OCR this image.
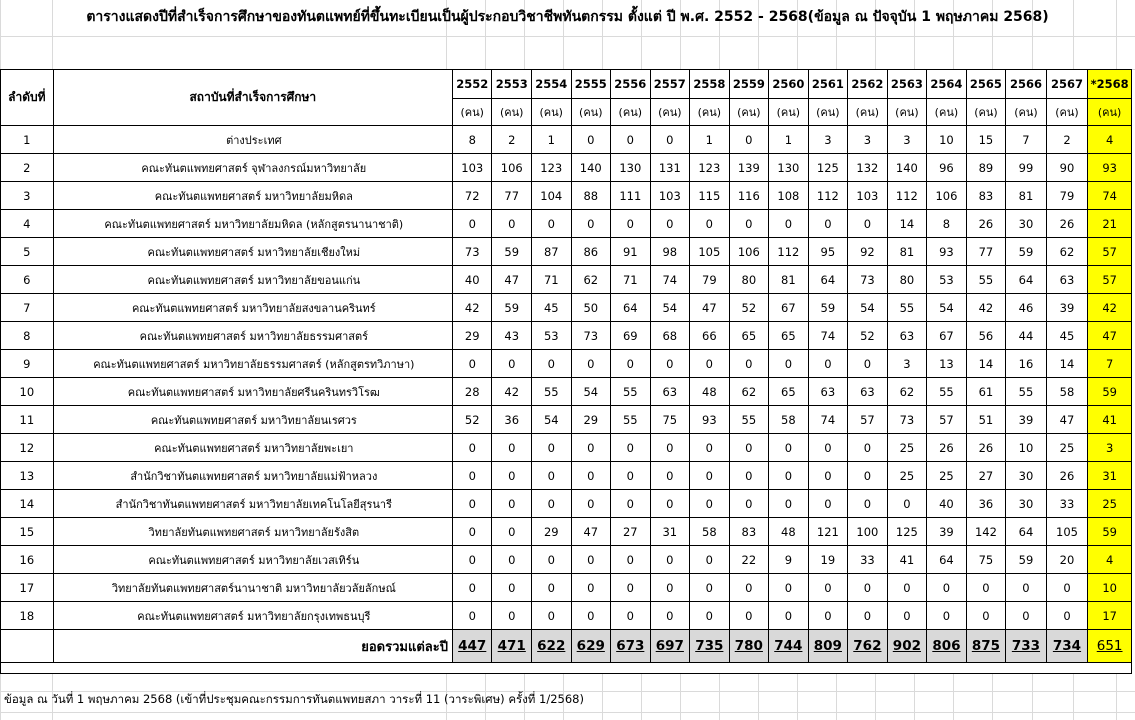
ตารางแสดงปีที่สำเร็จการศึกษาของทันตแพทย์ที่ขึ้นทะเบียนเป็นผู้ประกอบวิชาชีพทันตกรรม ตั้งแต่ ปี พ.ศ. 2552 - 2568(ข้อมูล ณ ปัจจุบัน 1 พฤษภาคม 2568)
ลำดับที่	สถาบันที่สำเร็จการศึกษา	2552	2553	2554	2555	2556	2557	2558	2559	2560	2561	2562	2563	2564	2565	2566	2567	*2568
		(คน)	(คน)	(คน)	(คน)	(คน)	(คน)	(คน)	(คน)	(คน)	(คน)	(คน)	(คน)	(คน)	(คน)	(คน)	(คน)	(คน)
1	ต่างประเทศ	8	2	1	0	0	0	1	0	1	3	3	3	10	15	7	2	4
2	คณะทันตแพทยศาสตร์ จุฬาลงกรณ์มหาวิทยาลัย	103	106	123	140	130	131	123	139	130	125	132	140	96	89	99	90	93
3	คณะทันตแพทยศาสตร์ มหาวิทยาลัยมหิดล	72	77	104	88	111	103	115	116	108	112	103	112	106	83	81	79	74
4	คณะทันตแพทยศาสตร์ มหาวิทยาลัยมหิดล (หลักสูตรนานาชาติ)	0	0	0	0	0	0	0	0	0	0	0	14	8	26	30	26	21
5	คณะทันตแพทยศาสตร์ มหาวิทยาลัยเชียงใหม่	73	59	87	86	91	98	105	106	112	95	92	81	93	77	59	62	57
6	คณะทันตแพทยศาสตร์ มหาวิทยาลัยขอนแก่น	40	47	71	62	71	74	79	80	81	64	73	80	53	55	64	63	57
7	คณะทันตแพทยศาสตร์ มหาวิทยาลัยสงขลานครินทร์	42	59	45	50	64	54	47	52	67	59	54	55	54	42	46	39	42
8	คณะทันตแพทยศาสตร์ มหาวิทยาลัยธรรมศาสตร์	29	43	53	73	69	68	66	65	65	74	52	63	67	56	44	45	47
9	คณะทันตแพทยศาสตร์ มหาวิทยาลัยธรรมศาสตร์ (หลักสูตรทวิภาษา)	0	0	0	0	0	0	0	0	0	0	0	3	13	14	16	14	7
10	คณะทันตแพทยศาสตร์ มหาวิทยาลัยศรีนครินทรวิโรฒ	28	42	55	54	55	63	48	62	65	63	63	62	55	61	55	58	59
11	คณะทันตแพทยศาสตร์ มหาวิทยาลัยนเรศวร	52	36	54	29	55	75	93	55	58	74	57	73	57	51	39	47	41
12	คณะทันตแพทยศาสตร์ มหาวิทยาลัยพะเยา	0	0	0	0	0	0	0	0	0	0	0	25	26	26	10	25	3
13	สำนักวิชาทันตแพทยศาสตร์ มหาวิทยาลัยแม่ฟ้าหลวง	0	0	0	0	0	0	0	0	0	0	0	25	25	27	30	26	31
14	สำนักวิชาทันตแพทยศาสตร์ มหาวิทยาลัยเทคโนโลยีสุรนารี	0	0	0	0	0	0	0	0	0	0	0	0	40	36	30	33	25
15	วิทยาลัยทันตแพทยศาสตร์ มหาวิทยาลัยรังสิต	0	0	29	47	27	31	58	83	48	121	100	125	39	142	64	105	59
16	คณะทันตแพทยศาสตร์ มหาวิทยาลัยเวสเทิร์น	0	0	0	0	0	0	0	22	9	19	33	41	64	75	59	20	4
17	วิทยาลัยทันตแพทยศาสตร์นานาชาติ มหาวิทยาลัยวลัยลักษณ์	0	0	0	0	0	0	0	0	0	0	0	0	0	0	0	0	10
18	คณะทันตแพทยศาสตร์ มหาวิทยาลัยกรุงเทพธนบุรี	0	0	0	0	0	0	0	0	0	0	0	0	0	0	0	0	17
	ยอดรวมแต่ละปี	447	471	622	629	673	697	735	780	744	809	762	902	806	875	733	734	651

ข้อมูล ณ วันที่ 1 พฤษภาคม 2568 (เข้าที่ประชุมคณะกรรมการทันตแพทยสภา วาระที่ 11 (วาระพิเศษ) ครั้งที่ 1/2568)
